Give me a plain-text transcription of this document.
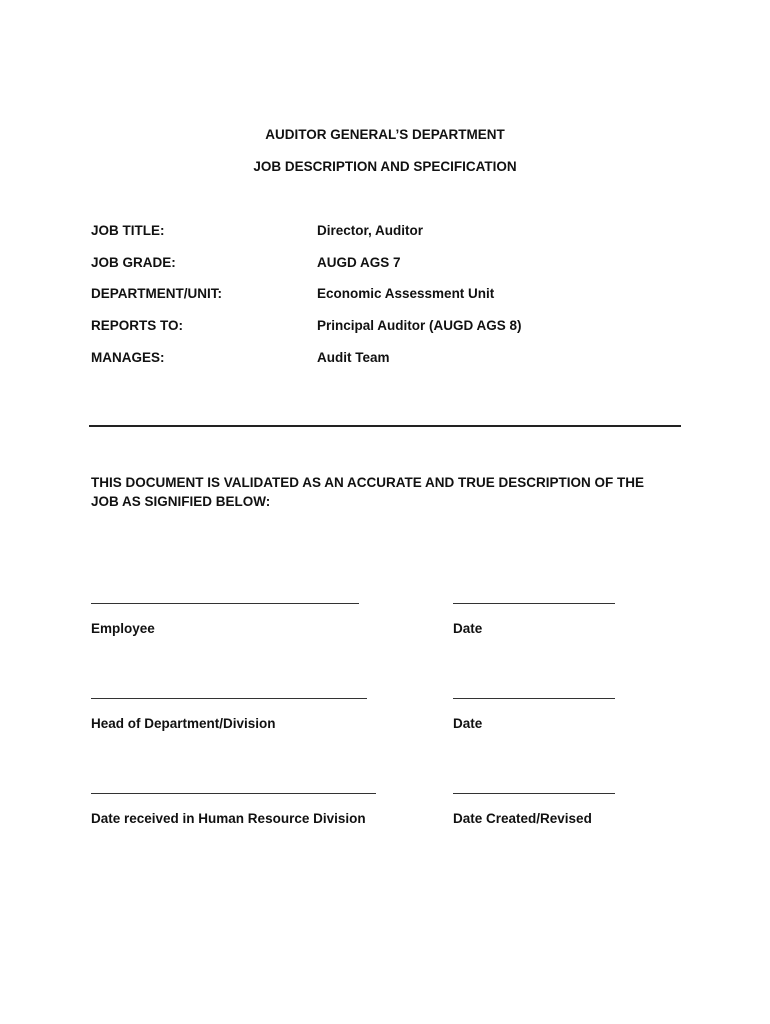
AUDITOR GENERAL’S DEPARTMENT
JOB DESCRIPTION AND SPECIFICATION
JOB TITLE:	Director, Auditor
JOB GRADE:	AUGD AGS 7
DEPARTMENT/UNIT:	Economic Assessment Unit
REPORTS TO:	Principal Auditor (AUGD AGS 8)
MANAGES:	Audit Team
THIS DOCUMENT IS VALIDATED AS AN ACCURATE AND TRUE DESCRIPTION OF THE
JOB AS SIGNIFIED BELOW:
Employee	Date
Head of Department/Division	Date
Date received in Human Resource Division	Date Created/Revised
